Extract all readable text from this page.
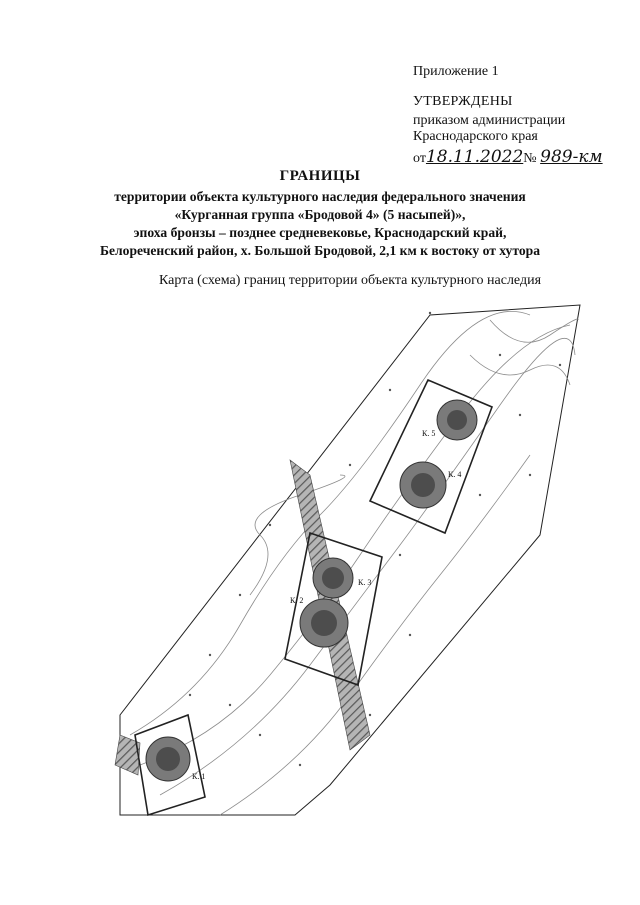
Приложение 1
УТВЕРЖДЕНЫ
приказом администрации
Краснодарского края
от18.11.2022№ 989-км
ГРАНИЦЫ
территории объекта культурного наследия федерального значения
«Курганная группа «Бродовой 4» (5 насыпей)»,
эпоха бронзы – позднее средневековье, Краснодарский край,
Белореченский район, х. Большой Бродовой, 2,1 км к востоку от хутора
Карта (схема) границ территории объекта культурного наследия
К. 1
К. 2
К. 3
К. 4
К. 5
